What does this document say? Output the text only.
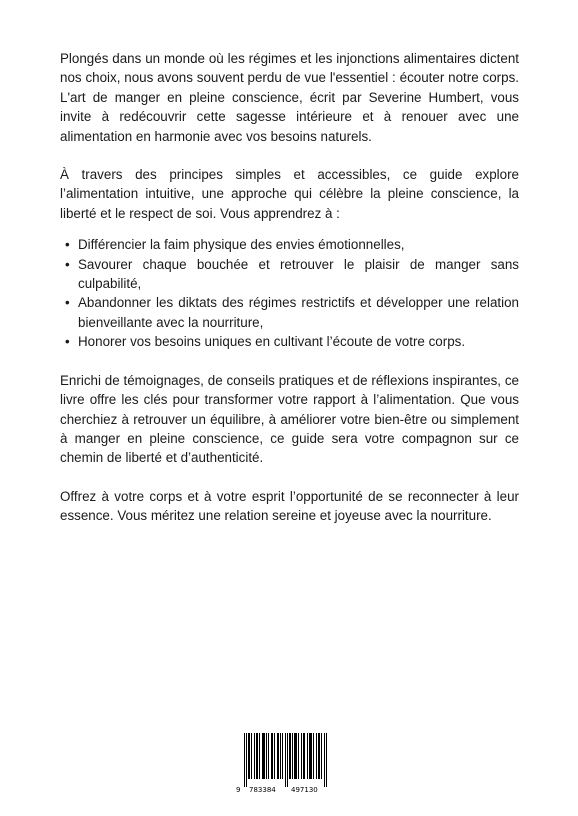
Plongés dans un monde où les régimes et les injonctions alimentaires dictent nos choix, nous avons souvent perdu de vue l'essentiel : écouter notre corps. L'art de manger en pleine conscience, écrit par Severine Humbert, vous invite à redécouvrir cette sagesse intérieure et à renouer avec une alimentation en harmonie avec vos besoins naturels.

À travers des principes simples et accessibles, ce guide explore l’alimentation intuitive, une approche qui célèbre la pleine conscience, la liberté et le respect de soi. Vous apprendrez à :

• Différencier la faim physique des envies émotionnelles,
• Savourer chaque bouchée et retrouver le plaisir de manger sans culpabilité,
• Abandonner les diktats des régimes restrictifs et développer une relation bienveillante avec la nourriture,
• Honorer vos besoins uniques en cultivant l’écoute de votre corps.

Enrichi de témoignages, de conseils pratiques et de réflexions inspirantes, ce livre offre les clés pour transformer votre rapport à l’alimentation. Que vous cherchiez à retrouver un équilibre, à améliorer votre bien-être ou simplement à manger en pleine conscience, ce guide sera votre compagnon sur ce chemin de liberté et d’authenticité.

Offrez à votre corps et à votre esprit l’opportunité de se reconnecter à leur essence. Vous méritez une relation sereine et joyeuse avec la nourriture.

9 783384 497130
